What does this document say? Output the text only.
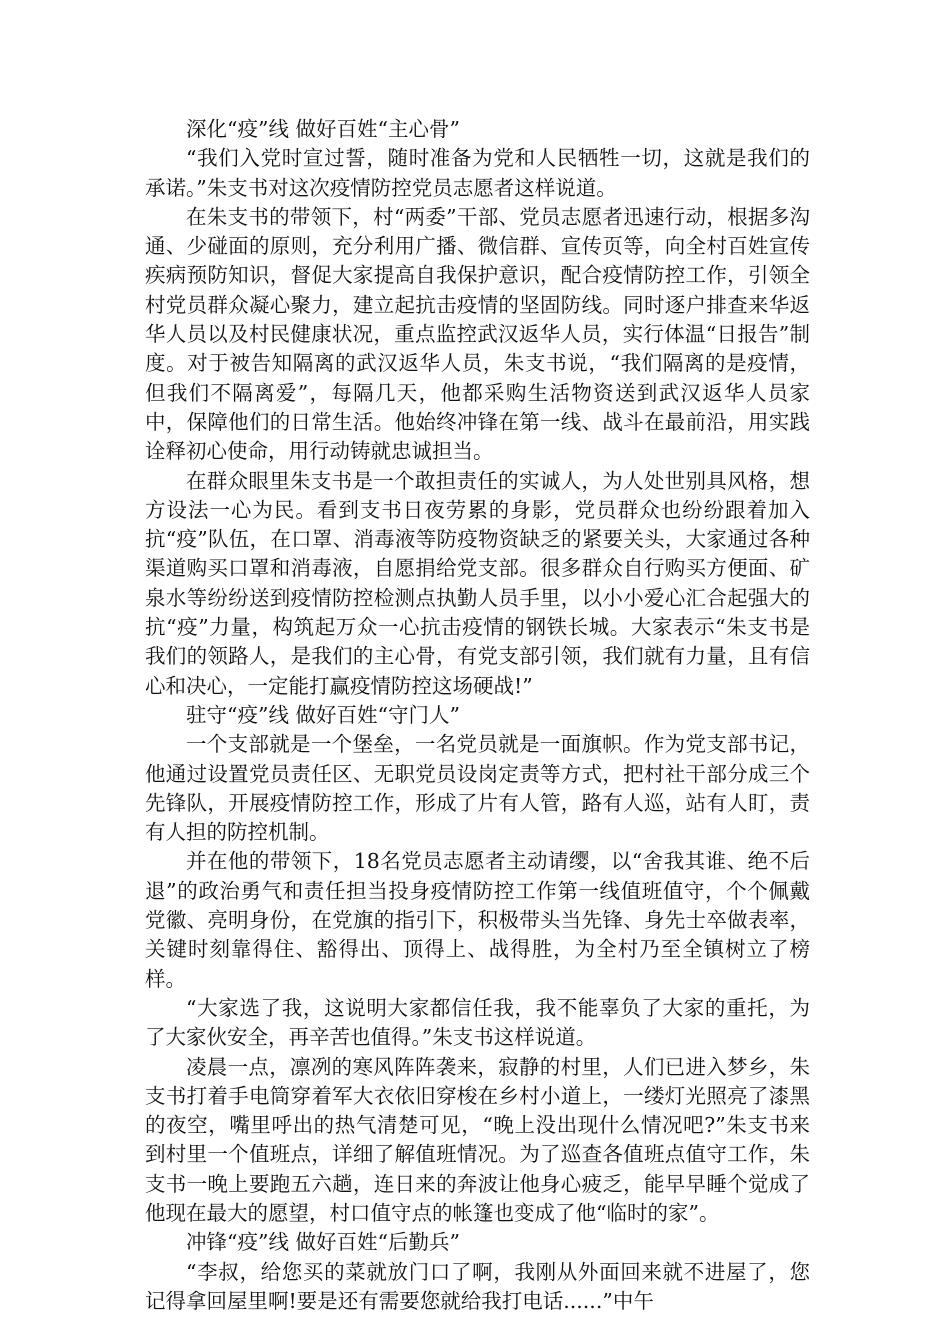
深化“疫”线 做好百姓“主心骨”

“我们入党时宣过誓，随时准备为党和人民牺牲一切，这就是我们的承诺。”朱支书对这次疫情防控党员志愿者这样说道。

在朱支书的带领下，村“两委”干部、党员志愿者迅速行动，根据多沟通、少碰面的原则，充分利用广播、微信群、宣传页等，向全村百姓宣传疾病预防知识，督促大家提高自我保护意识，配合疫情防控工作，引领全村党员群众凝心聚力，建立起抗击疫情的坚固防线。同时逐户排查来华返华人员以及村民健康状况，重点监控武汉返华人员，实行体温“日报告”制度。对于被告知隔离的武汉返华人员，朱支书说，“我们隔离的是疫情，但我们不隔离爱”，每隔几天，他都采购生活物资送到武汉返华人员家中，保障他们的日常生活。他始终冲锋在第一线、战斗在最前沿，用实践诠释初心使命，用行动铸就忠诚担当。

在群众眼里朱支书是一个敢担责任的实诚人，为人处世别具风格，想方设法一心为民。看到支书日夜劳累的身影，党员群众也纷纷跟着加入抗“疫”队伍，在口罩、消毒液等防疫物资缺乏的紧要关头，大家通过各种渠道购买口罩和消毒液，自愿捐给党支部。很多群众自行购买方便面、矿泉水等纷纷送到疫情防控检测点执勤人员手里，以小小爱心汇合起强大的抗“疫”力量，构筑起万众一心抗击疫情的钢铁长城。大家表示“朱支书是我们的领路人，是我们的主心骨，有党支部引领，我们就有力量，且有信心和决心，一定能打赢疫情防控这场硬战!”

驻守“疫”线 做好百姓“守门人”

一个支部就是一个堡垒，一名党员就是一面旗帜。作为党支部书记，他通过设置党员责任区、无职党员设岗定责等方式，把村社干部分成三个先锋队，开展疫情防控工作，形成了片有人管，路有人巡，站有人盯，责有人担的防控机制。

并在他的带领下，18名党员志愿者主动请缨，以“舍我其谁、绝不后退”的政治勇气和责任担当投身疫情防控工作第一线值班值守，个个佩戴党徽、亮明身份，在党旗的指引下，积极带头当先锋、身先士卒做表率，关键时刻靠得住、豁得出、顶得上、战得胜，为全村乃至全镇树立了榜样。

“大家选了我，这说明大家都信任我，我不能辜负了大家的重托，为了大家伙安全，再辛苦也值得。”朱支书这样说道。

凌晨一点，凛冽的寒风阵阵袭来，寂静的村里，人们已进入梦乡，朱支书打着手电筒穿着军大衣依旧穿梭在乡村小道上，一缕灯光照亮了漆黑的夜空，嘴里呼出的热气清楚可见，“晚上没出现什么情况吧?”朱支书来到村里一个值班点，详细了解值班情况。为了巡查各值班点值守工作，朱支书一晚上要跑五六趟，连日来的奔波让他身心疲乏，能早早睡个觉成了他现在最大的愿望，村口值守点的帐篷也变成了他“临时的家”。

冲锋“疫”线 做好百姓“后勤兵”

“李叔，给您买的菜就放门口了啊，我刚从外面回来就不进屋了，您记得拿回屋里啊!要是还有需要您就给我打电话......”中午
